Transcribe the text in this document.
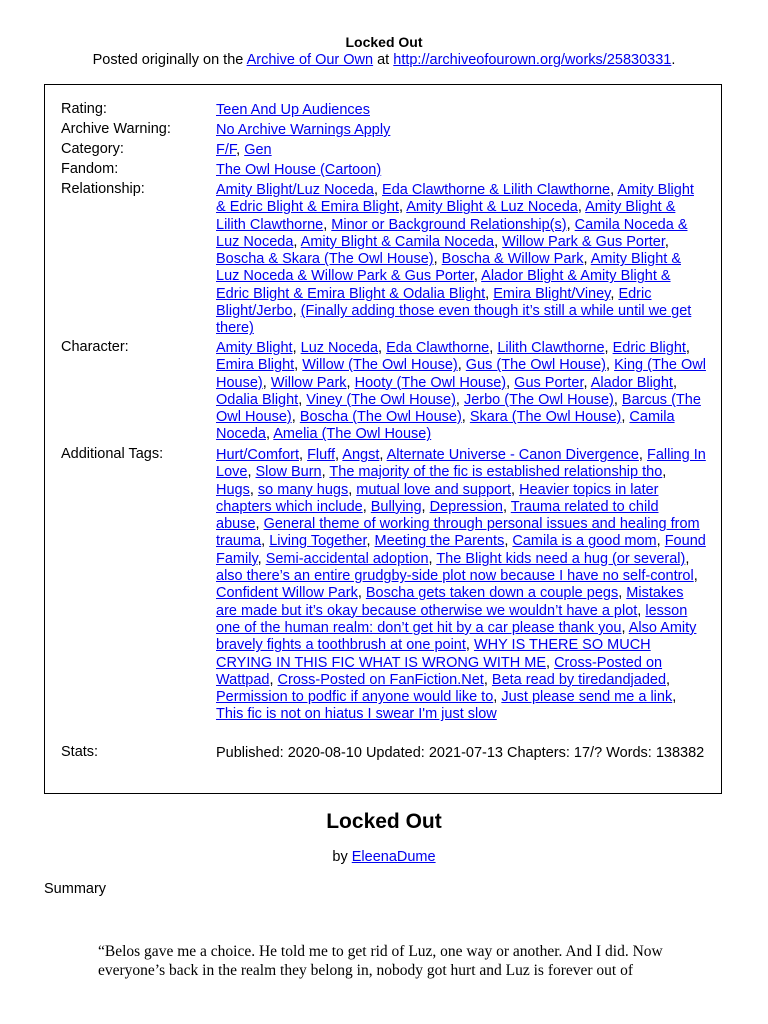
Locked Out
Posted originally on the Archive of Our Own at http://archiveofourown.org/works/25830331.
Rating:	Teen And Up Audiences
Archive Warning:	No Archive Warnings Apply
Category:	F/F, Gen
Fandom:	The Owl House (Cartoon)
Relationship:	Amity Blight/Luz Noceda, Eda Clawthorne & Lilith Clawthorne, Amity Blight & Edric Blight & Emira Blight, Amity Blight & Luz Noceda, Amity Blight & Lilith Clawthorne, Minor or Background Relationship(s), Camila Noceda & Luz Noceda, Amity Blight & Camila Noceda, Willow Park & Gus Porter, Boscha & Skara (The Owl House), Boscha & Willow Park, Amity Blight & Luz Noceda & Willow Park & Gus Porter, Alador Blight & Amity Blight & Edric Blight & Emira Blight & Odalia Blight, Emira Blight/Viney, Edric Blight/Jerbo, (Finally adding those even though it’s still a while until we get there)
Character:	Amity Blight, Luz Noceda, Eda Clawthorne, Lilith Clawthorne, Edric Blight, Emira Blight, Willow (The Owl House), Gus (The Owl House), King (The Owl House), Willow Park, Hooty (The Owl House), Gus Porter, Alador Blight, Odalia Blight, Viney (The Owl House), Jerbo (The Owl House), Barcus (The Owl House), Boscha (The Owl House), Skara (The Owl House), Camila Noceda, Amelia (The Owl House)
Additional Tags:	Hurt/Comfort, Fluff, Angst, Alternate Universe - Canon Divergence, Falling In Love, Slow Burn, The majority of the fic is established relationship tho, Hugs, so many hugs, mutual love and support, Heavier topics in later chapters which include, Bullying, Depression, Trauma related to child abuse, General theme of working through personal issues and healing from trauma, Living Together, Meeting the Parents, Camila is a good mom, Found Family, Semi-accidental adoption, The Blight kids need a hug (or several), also there’s an entire grudgby-side plot now because I have no self-control, Confident Willow Park, Boscha gets taken down a couple pegs, Mistakes are made but it’s okay because otherwise we wouldn’t have a plot, lesson one of the human realm: don’t get hit by a car please thank you, Also Amity bravely fights a toothbrush at one point, WHY IS THERE SO MUCH CRYING IN THIS FIC WHAT IS WRONG WITH ME, Cross-Posted on Wattpad, Cross-Posted on FanFiction.Net, Beta read by tiredandjaded, Permission to podfic if anyone would like to, Just please send me a link, This fic is not on hiatus I swear I'm just slow
Stats:	Published: 2020-08-10 Updated: 2021-07-13 Chapters: 17/? Words: 138382
Locked Out
by EleenaDume
Summary
“Belos gave me a choice. He told me to get rid of Luz, one way or another. And I did. Now everyone’s back in the realm they belong in, nobody got hurt and Luz is forever out of
